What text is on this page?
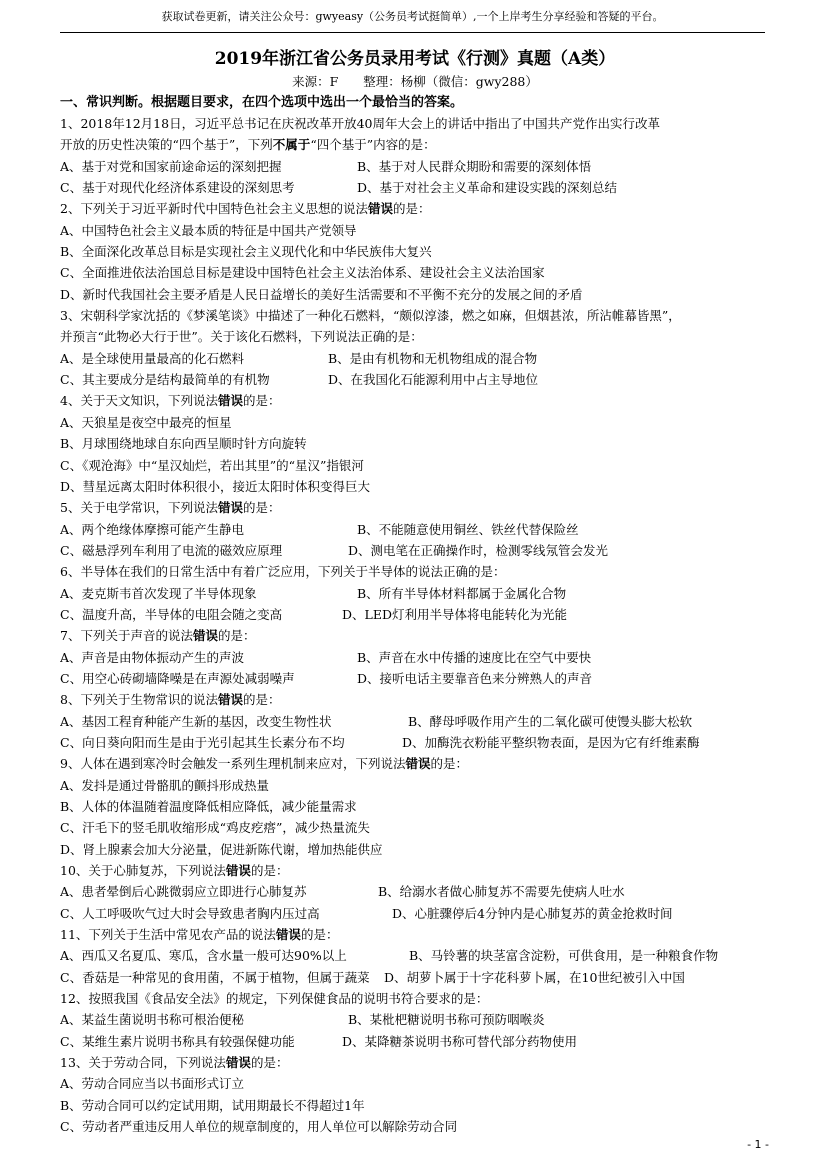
获取试卷更新，请关注公众号：gwyeasy（公务员考试挺简单）,一个上岸考生分享经验和答疑的平台。
2019年浙江省公务员录用考试《行测》真题（A类）
来源：F　　整理：杨柳（微信：gwy288）
一、常识判断。根据题目要求，在四个选项中选出一个最恰当的答案。
1、2018年12月18日，习近平总书记在庆祝改革开放40周年大会上的讲话中指出了中国共产党作出实行改革
开放的历史性决策的“四个基于”，下列不属于“四个基于”内容的是：
A、基于对党和国家前途命运的深刻把握	B、基于对人民群众期盼和需要的深刻体悟
C、基于对现代化经济体系建设的深刻思考	D、基于对社会主义革命和建设实践的深刻总结
2、下列关于习近平新时代中国特色社会主义思想的说法错误的是：
A、中国特色社会主义最本质的特征是中国共产党领导
B、全面深化改革总目标是实现社会主义现代化和中华民族伟大复兴
C、全面推进依法治国总目标是建设中国特色社会主义法治体系、建设社会主义法治国家
D、新时代我国社会主要矛盾是人民日益增长的美好生活需要和不平衡不充分的发展之间的矛盾
3、宋朝科学家沈括的《梦溪笔谈》中描述了一种化石燃料，“颇似淳漆，燃之如麻，但烟甚浓，所沾帷幕皆黑”，
并预言“此物必大行于世”。关于该化石燃料，下列说法正确的是：
A、是全球使用量最高的化石燃料	B、是由有机物和无机物组成的混合物
C、其主要成分是结构最简单的有机物	D、在我国化石能源利用中占主导地位
4、关于天文知识，下列说法错误的是：
A、天狼星是夜空中最亮的恒星
B、月球围绕地球自东向西呈顺时针方向旋转
C、《观沧海》中“星汉灿烂，若出其里”的“星汉”指银河
D、彗星远离太阳时体积很小，接近太阳时体积变得巨大
5、关于电学常识，下列说法错误的是：
A、两个绝缘体摩擦可能产生静电	B、不能随意使用铜丝、铁丝代替保险丝
C、磁悬浮列车利用了电流的磁效应原理	D、测电笔在正确操作时，检测零线氖管会发光
6、半导体在我们的日常生活中有着广泛应用，下列关于半导体的说法正确的是：
A、麦克斯韦首次发现了半导体现象	B、所有半导体材料都属于金属化合物
C、温度升高，半导体的电阻会随之变高	D、LED灯利用半导体将电能转化为光能
7、下列关于声音的说法错误的是：
A、声音是由物体振动产生的声波	B、声音在水中传播的速度比在空气中要快
C、用空心砖砌墙降噪是在声源处减弱噪声	D、接听电话主要靠音色来分辨熟人的声音
8、下列关于生物常识的说法错误的是：
A、基因工程育种能产生新的基因，改变生物性状	B、酵母呼吸作用产生的二氧化碳可使馒头膨大松软
C、向日葵向阳而生是由于光引起其生长素分布不均	D、加酶洗衣粉能平整织物表面，是因为它有纤维素酶
9、人体在遇到寒冷时会触发一系列生理机制来应对，下列说法错误的是：
A、发抖是通过骨骼肌的颤抖形成热量
B、人体的体温随着温度降低相应降低，减少能量需求
C、汗毛下的竖毛肌收缩形成“鸡皮疙瘩”，减少热量流失
D、肾上腺素会加大分泌量，促进新陈代谢，增加热能供应
10、关于心肺复苏，下列说法错误的是：
A、患者晕倒后心跳微弱应立即进行心肺复苏	B、给溺水者做心肺复苏不需要先使病人吐水
C、人工呼吸吹气过大时会导致患者胸内压过高	D、心脏骤停后4分钟内是心肺复苏的黄金抢救时间
11、下列关于生活中常见农产品的说法错误的是：
A、西瓜又名夏瓜、寒瓜，含水量一般可达90%以上	B、马铃薯的块茎富含淀粉，可供食用，是一种粮食作物
C、香菇是一种常见的食用菌，不属于植物，但属于蔬菜	D、胡萝卜属于十字花科萝卜属，在10世纪被引入中国
12、按照我国《食品安全法》的规定，下列保健食品的说明书符合要求的是：
A、某益生菌说明书称可根治便秘	B、某枇杷糖说明书称可预防咽喉炎
C、某维生素片说明书称具有较强保健功能	D、某降糖茶说明书称可替代部分药物使用
13、关于劳动合同，下列说法错误的是：
A、劳动合同应当以书面形式订立
B、劳动合同可以约定试用期，试用期最长不得超过1年
C、劳动者严重违反用人单位的规章制度的，用人单位可以解除劳动合同
- 1 -
